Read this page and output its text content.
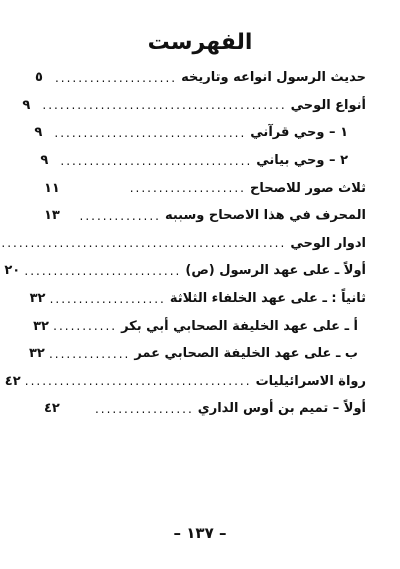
الفهرست
حديث الرسول انواعه وتاريخه
.....................
٥
أنواع الوحي
..........................................
٩
١ – وحي قرآني
.................................
٩
٢ – وحي بياني
.................................
٩
ثلاث صور للاصحاح
....................
١١
المحرف في هذا الاصحاح وسببه
..............
١٣
ادوار الوحي
.................................................
أولاً ـ على عهد الرسول (ص)
...........................
٢٠
ثانياً : ـ على عهد الخلفاء الثلاثة
....................
٣٢
أ ـ على عهد الخليفة الصحابي أبي بكر
...........
٣٢
ب ـ على عهد الخليفة الصحابي عمر
..............
٣٢
رواة الاسرائيليات
.......................................
٤٢
أولاً – تميم بن أوس الداري
.................
٤٢
– ١٣٧ –
